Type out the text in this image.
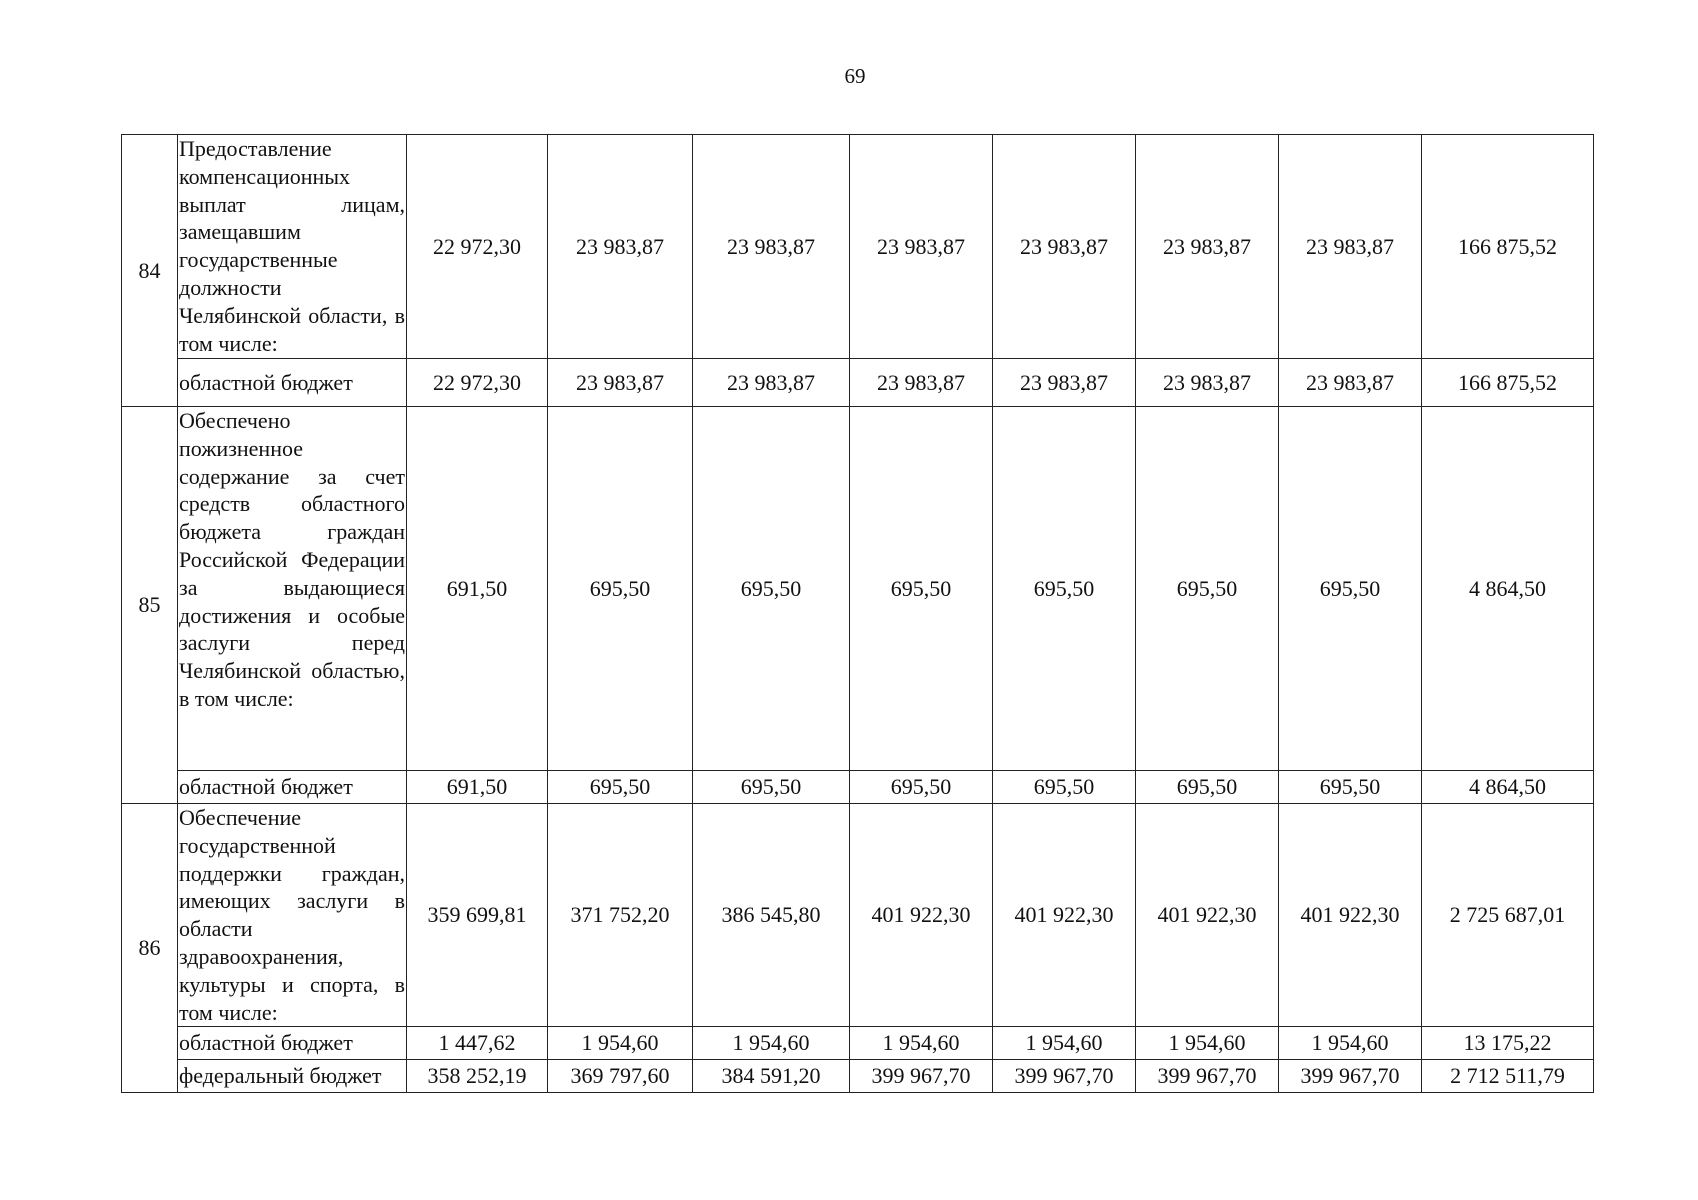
69
84	Предоставление компенсационных выплат лицам, замещавшим государственные должности Челябинской области, в том числе:	22 972,30	23 983,87	23 983,87	23 983,87	23 983,87	23 983,87	23 983,87	166 875,52
	областной бюджет	22 972,30	23 983,87	23 983,87	23 983,87	23 983,87	23 983,87	23 983,87	166 875,52
85	Обеспечено пожизненное содержание за счет средств областного бюджета граждан Российской Федерации за выдающиеся достижения и особые заслуги перед Челябинской областью, в том числе:	691,50	695,50	695,50	695,50	695,50	695,50	695,50	4 864,50
	областной бюджет	691,50	695,50	695,50	695,50	695,50	695,50	695,50	4 864,50
86	Обеспечение государственной поддержки граждан, имеющих заслуги в области здравоохранения, культуры и спорта, в том числе:	359 699,81	371 752,20	386 545,80	401 922,30	401 922,30	401 922,30	401 922,30	2 725 687,01
	областной бюджет	1 447,62	1 954,60	1 954,60	1 954,60	1 954,60	1 954,60	1 954,60	13 175,22
	федеральный бюджет	358 252,19	369 797,60	384 591,20	399 967,70	399 967,70	399 967,70	399 967,70	2 712 511,79
